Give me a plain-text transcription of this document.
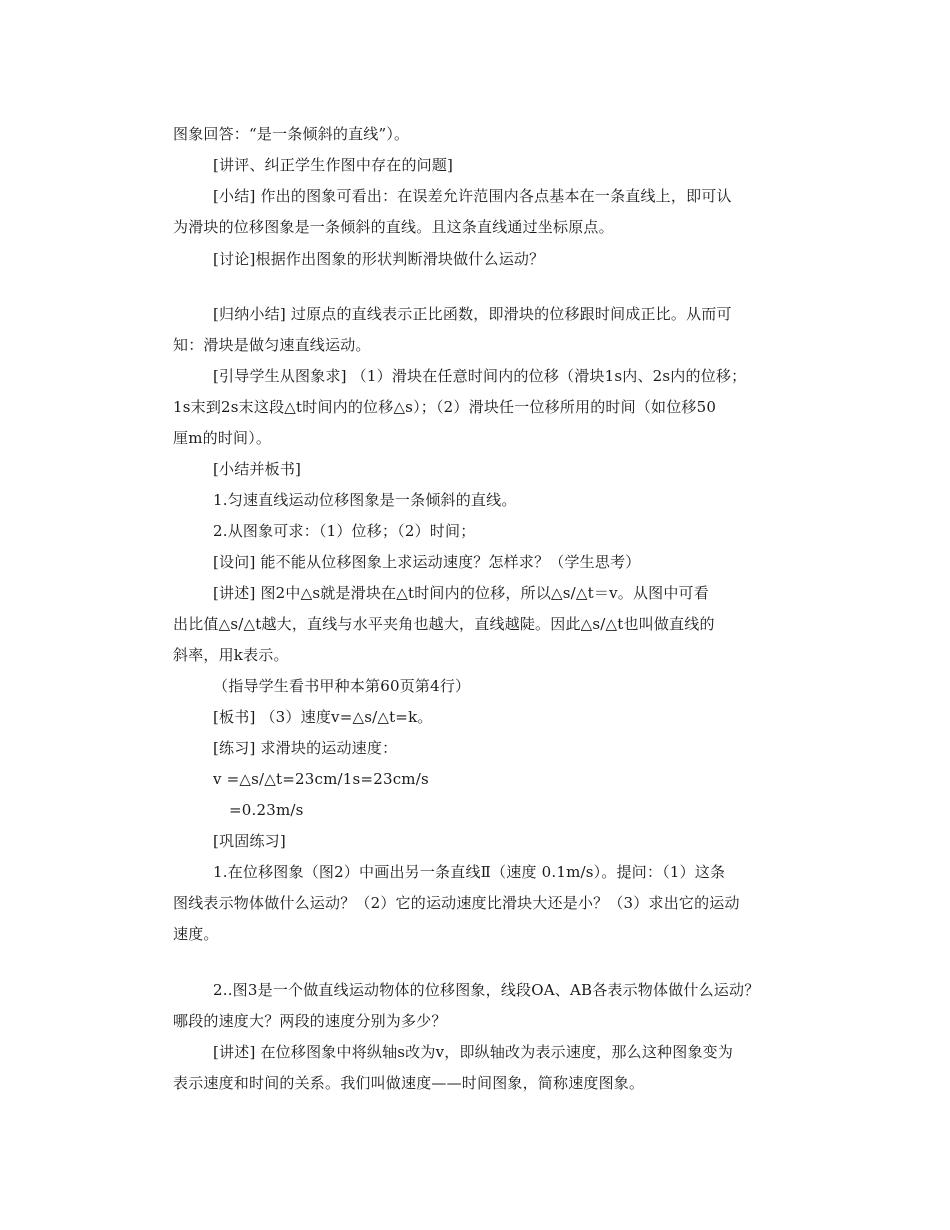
图象回答：“是一条倾斜的直线”）。
[讲评、纠正学生作图中存在的问题]
[小结] 作出的图象可看出：在误差允许范围内各点基本在一条直线上，即可认
为滑块的位移图象是一条倾斜的直线。且这条直线通过坐标原点。
[讨论]根据作出图象的形状判断滑块做什么运动？
[归纳小结] 过原点的直线表示正比函数，即滑块的位移跟时间成正比。从而可
知：滑块是做匀速直线运动。
[引导学生从图象求] （1）滑块在任意时间内的位移（滑块1s内、2s内的位移；
1s末到2s末这段△t时间内的位移△s）；（2）滑块任一位移所用的时间（如位移50
厘m的时间）。
[小结并板书]
1.匀速直线运动位移图象是一条倾斜的直线。
2.从图象可求：（1）位移；（2）时间；
[设问] 能不能从位移图象上求运动速度？怎样求？（学生思考）
[讲述] 图2中△s就是滑块在△t时间内的位移，所以△s/△t＝v。从图中可看
出比值△s/△t越大，直线与水平夹角也越大，直线越陡。因此△s/△t也叫做直线的
斜率，用k表示。
（指导学生看书甲种本第60页第4行）
[板书] （3）速度v=△s/△t=k。
[练习] 求滑块的运动速度：
v =△s/△t=23cm/1s=23cm/s
=0.23m/s
[巩固练习]
1.在位移图象（图2）中画出另一条直线Ⅱ（速度 0.1m/s）。提问：（1）这条
图线表示物体做什么运动？（2）它的运动速度比滑块大还是小？（3）求出它的运动
速度。
2..图3是一个做直线运动物体的位移图象，线段OA、AB各表示物体做什么运动？
哪段的速度大？两段的速度分别为多少？
[讲述] 在位移图象中将纵轴s改为v，即纵轴改为表示速度，那么这种图象变为
表示速度和时间的关系。我们叫做速度——时间图象，简称速度图象。
